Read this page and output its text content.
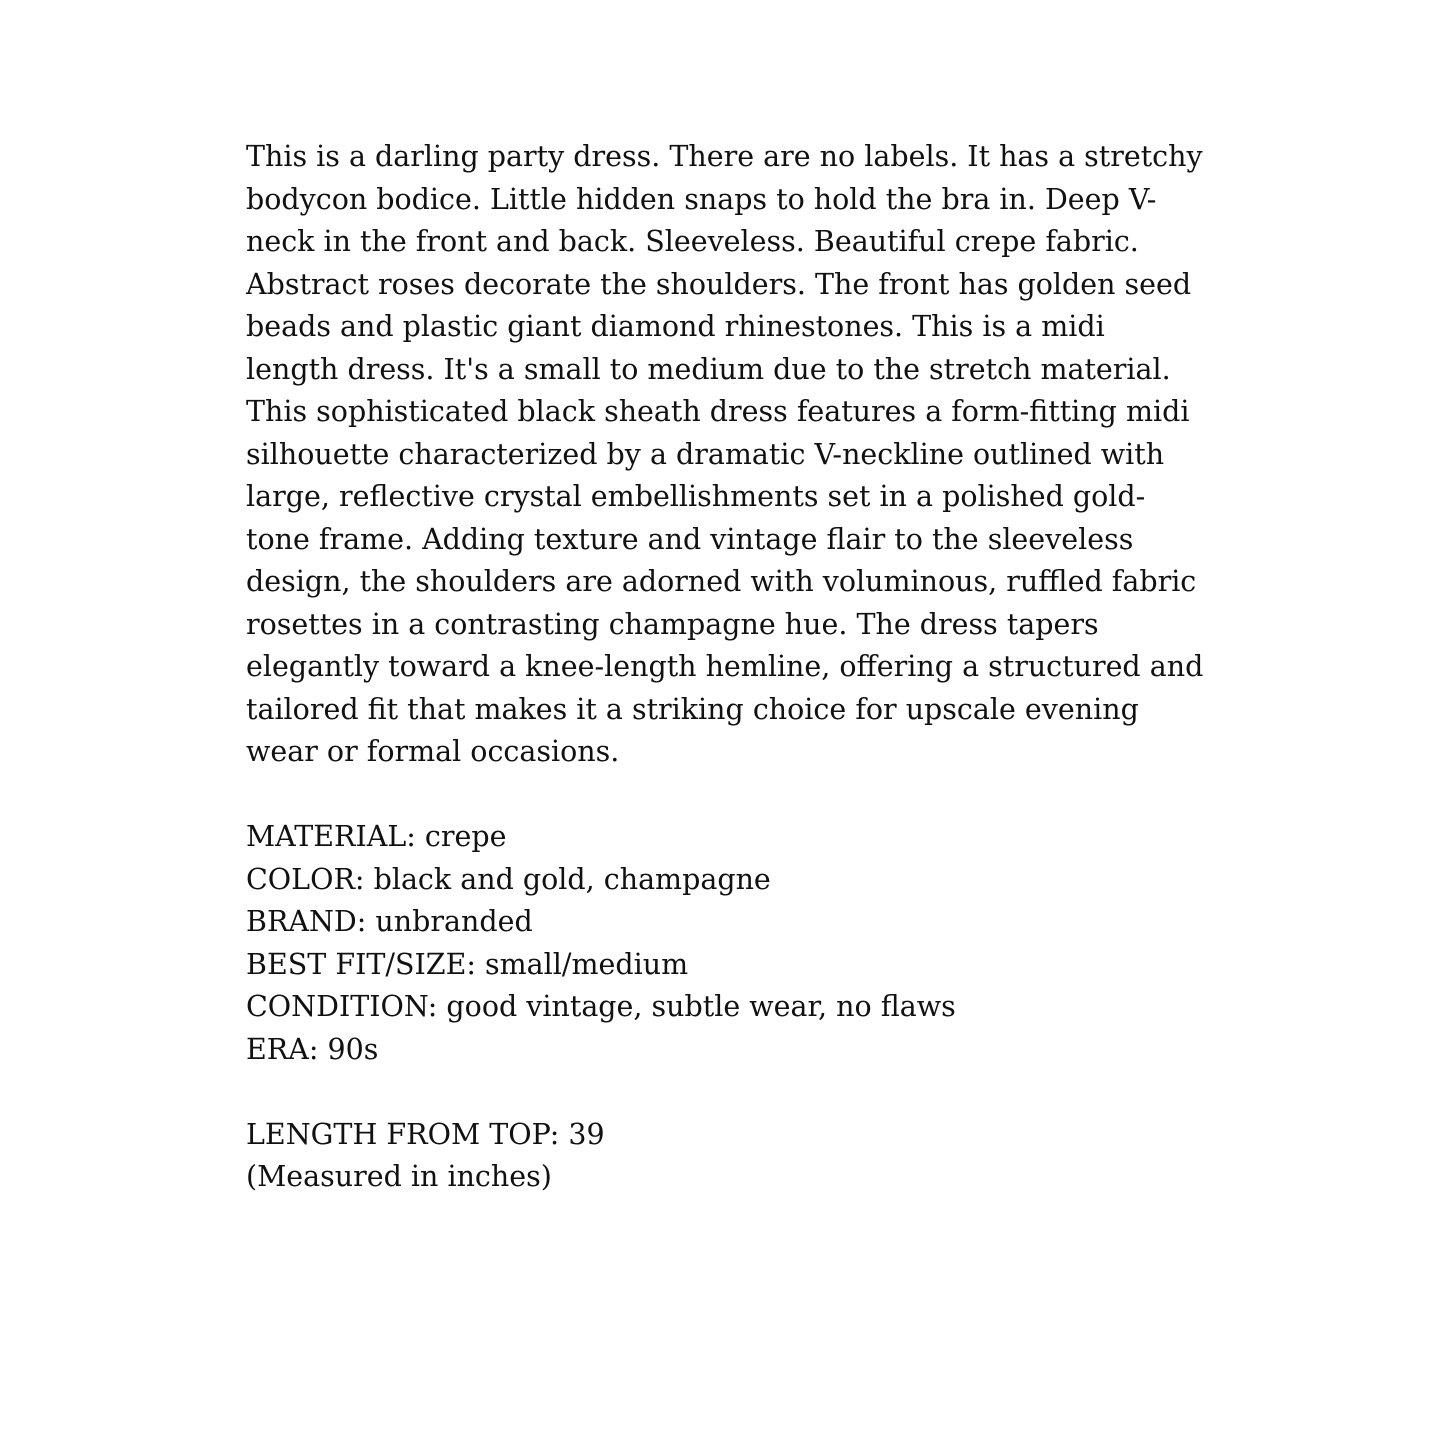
This is a darling party dress. There are no labels. It has a stretchy bodycon bodice. Little hidden snaps to hold the bra in. Deep V-neck in the front and back. Sleeveless. Beautiful crepe fabric. Abstract roses decorate the shoulders. The front has golden seed beads and plastic giant diamond rhinestones. This is a midi length dress. It's a small to medium due to the stretch material.

This sophisticated black sheath dress features a form-fitting midi silhouette characterized by a dramatic V-neckline outlined with large, reflective crystal embellishments set in a polished gold-tone frame. Adding texture and vintage flair to the sleeveless design, the shoulders are adorned with voluminous, ruffled fabric rosettes in a contrasting champagne hue. The dress tapers elegantly toward a knee-length hemline, offering a structured and tailored fit that makes it a striking choice for upscale evening wear or formal occasions.

MATERIAL: crepe

COLOR: black and gold, champagne

BRAND: unbranded

BEST FIT/SIZE: small/medium

CONDITION: good vintage, subtle wear, no flaws

ERA: 90s

LENGTH FROM TOP: 39

(Measured in inches)
